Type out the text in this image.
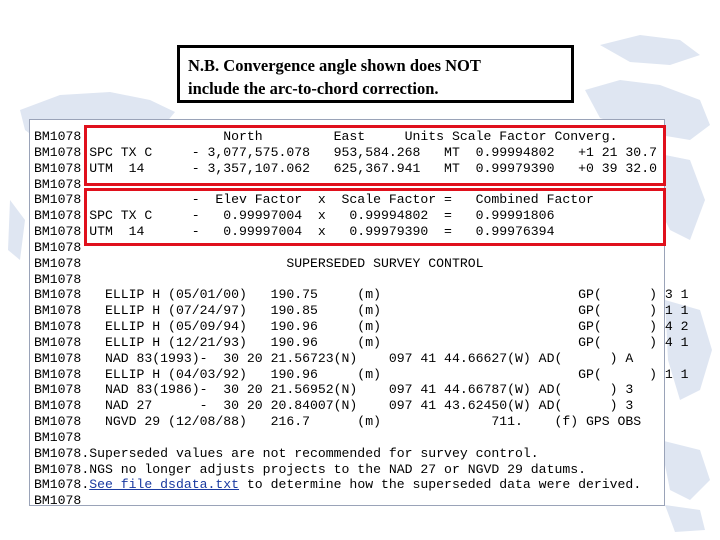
N.B. Convergence angle shown does NOT
include the arc-to-chord correction.
BM1078                  North         East     Units Scale Factor Converg.
BM1078 SPC TX C     - 3,077,575.078   953,584.268   MT  0.99994802   +1 21 30.7
BM1078 UTM  14      - 3,357,107.062   625,367.941   MT  0.99979390   +0 39 32.0
BM1078
BM1078              -  Elev Factor  x  Scale Factor =   Combined Factor
BM1078 SPC TX C     -   0.99997004  x   0.99994802  =   0.99991806
BM1078 UTM  14      -   0.99997004  x   0.99979390  =   0.99976394
BM1078
BM1078                          SUPERSEDED SURVEY CONTROL
BM1078
BM1078   ELLIP H (05/01/00)   190.75     (m)                         GP(      ) 3 1
BM1078   ELLIP H (07/24/97)   190.85     (m)                         GP(      ) 1 1
BM1078   ELLIP H (05/09/94)   190.96     (m)                         GP(      ) 4 2
BM1078   ELLIP H (12/21/93)   190.96     (m)                         GP(      ) 4 1
BM1078   NAD 83(1993)-  30 20 21.56723(N)    097 41 44.66627(W) AD(      ) A
BM1078   ELLIP H (04/03/92)   190.96     (m)                         GP(      ) 1 1
BM1078   NAD 83(1986)-  30 20 21.56952(N)    097 41 44.66787(W) AD(      ) 3
BM1078   NAD 27      -  30 20 20.84007(N)    097 41 43.62450(W) AD(      ) 3
BM1078   NGVD 29 (12/08/88)   216.7      (m)              711.    (f) GPS OBS
BM1078
BM1078.Superseded values are not recommended for survey control.
BM1078.NGS no longer adjusts projects to the NAD 27 or NGVD 29 datums.
BM1078.See file dsdata.txt to determine how the superseded data were derived.
BM1078
